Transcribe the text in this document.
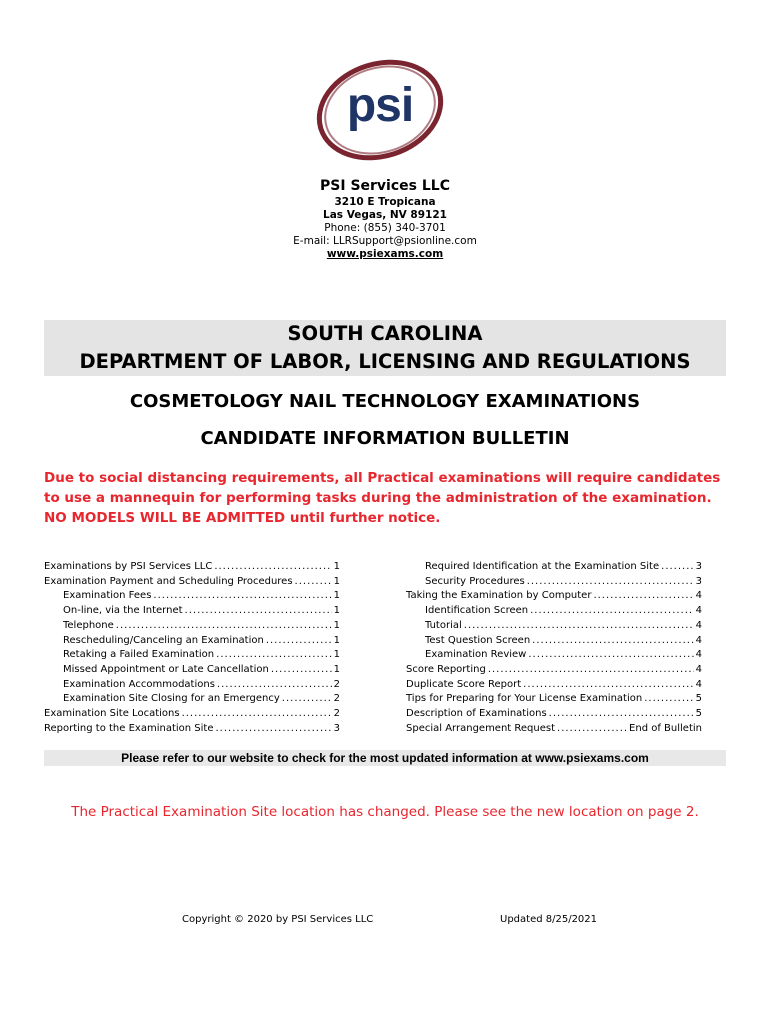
psi
PSI Services LLC
3210 E Tropicana
Las Vegas, NV 89121
Phone: (855) 340-3701
E-mail: LLRSupport@psionline.com
www.psiexams.com
SOUTH CAROLINA
DEPARTMENT OF LABOR, LICENSING AND REGULATIONS
COSMETOLOGY NAIL TECHNOLOGY EXAMINATIONS
CANDIDATE INFORMATION BULLETIN
Due to social distancing requirements, all Practical examinations will require candidates to use a mannequin for performing tasks during the administration of the examination. NO MODELS WILL BE ADMITTED until further notice.
Examinations by PSI Services LLC .....	1
Examination Payment and Scheduling Procedures .....	1
Examination Fees .....	1
On-line, via the Internet .....	1
Telephone .....	1
Rescheduling/Canceling an Examination .....	1
Retaking a Failed Examination .....	1
Missed Appointment or Late Cancellation .....	1
Examination Accommodations .....	2
Examination Site Closing for an Emergency .....	2
Examination Site Locations .....	2
Reporting to the Examination Site .....	3
Required Identification at the Examination Site .....	3
Security Procedures .....	3
Taking the Examination by Computer .....	4
Identification Screen .....	4
Tutorial .....	4
Test Question Screen .....	4
Examination Review .....	4
Score Reporting .....	4
Duplicate Score Report .....	4
Tips for Preparing for Your License Examination .....	5
Description of Examinations .....	5
Special Arrangement Request .....	End of Bulletin
Please refer to our website to check for the most updated information at www.psiexams.com
The Practical Examination Site location has changed. Please see the new location on page 2.
Copyright © 2020 by PSI Services LLC	Updated 8/25/2021
